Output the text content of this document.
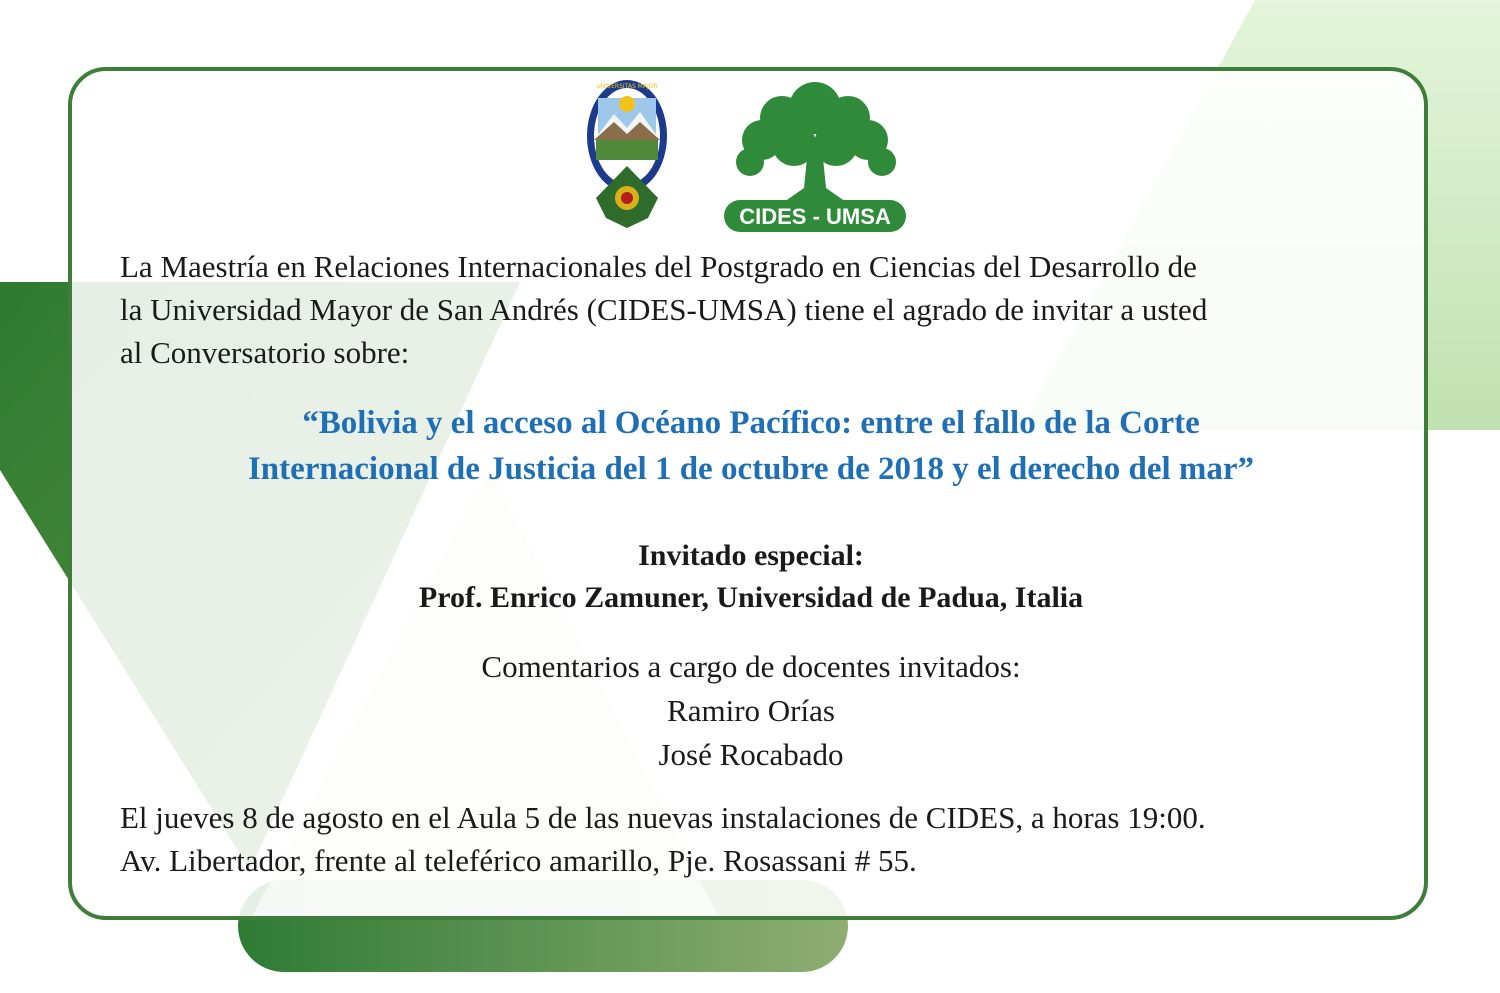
UNIVERSITAS MAJOR
CIDES - UMSA
La Maestría en Relaciones Internacionales del Postgrado en Ciencias del Desarrollo de
la Universidad Mayor de San Andrés (CIDES-UMSA) tiene el agrado de invitar a usted
al Conversatorio sobre:
“Bolivia y el acceso al Océano Pacífico: entre el fallo de la Corte
Internacional de Justicia del 1 de octubre de 2018 y el derecho del mar”
Invitado especial:
Prof. Enrico Zamuner, Universidad de Padua, Italia
Comentarios a cargo de docentes invitados:
Ramiro Orías
José Rocabado
El jueves 8 de agosto en el Aula 5 de las nuevas instalaciones de CIDES, a horas 19:00.
Av. Libertador, frente al teleférico amarillo, Pje. Rosassani # 55.
